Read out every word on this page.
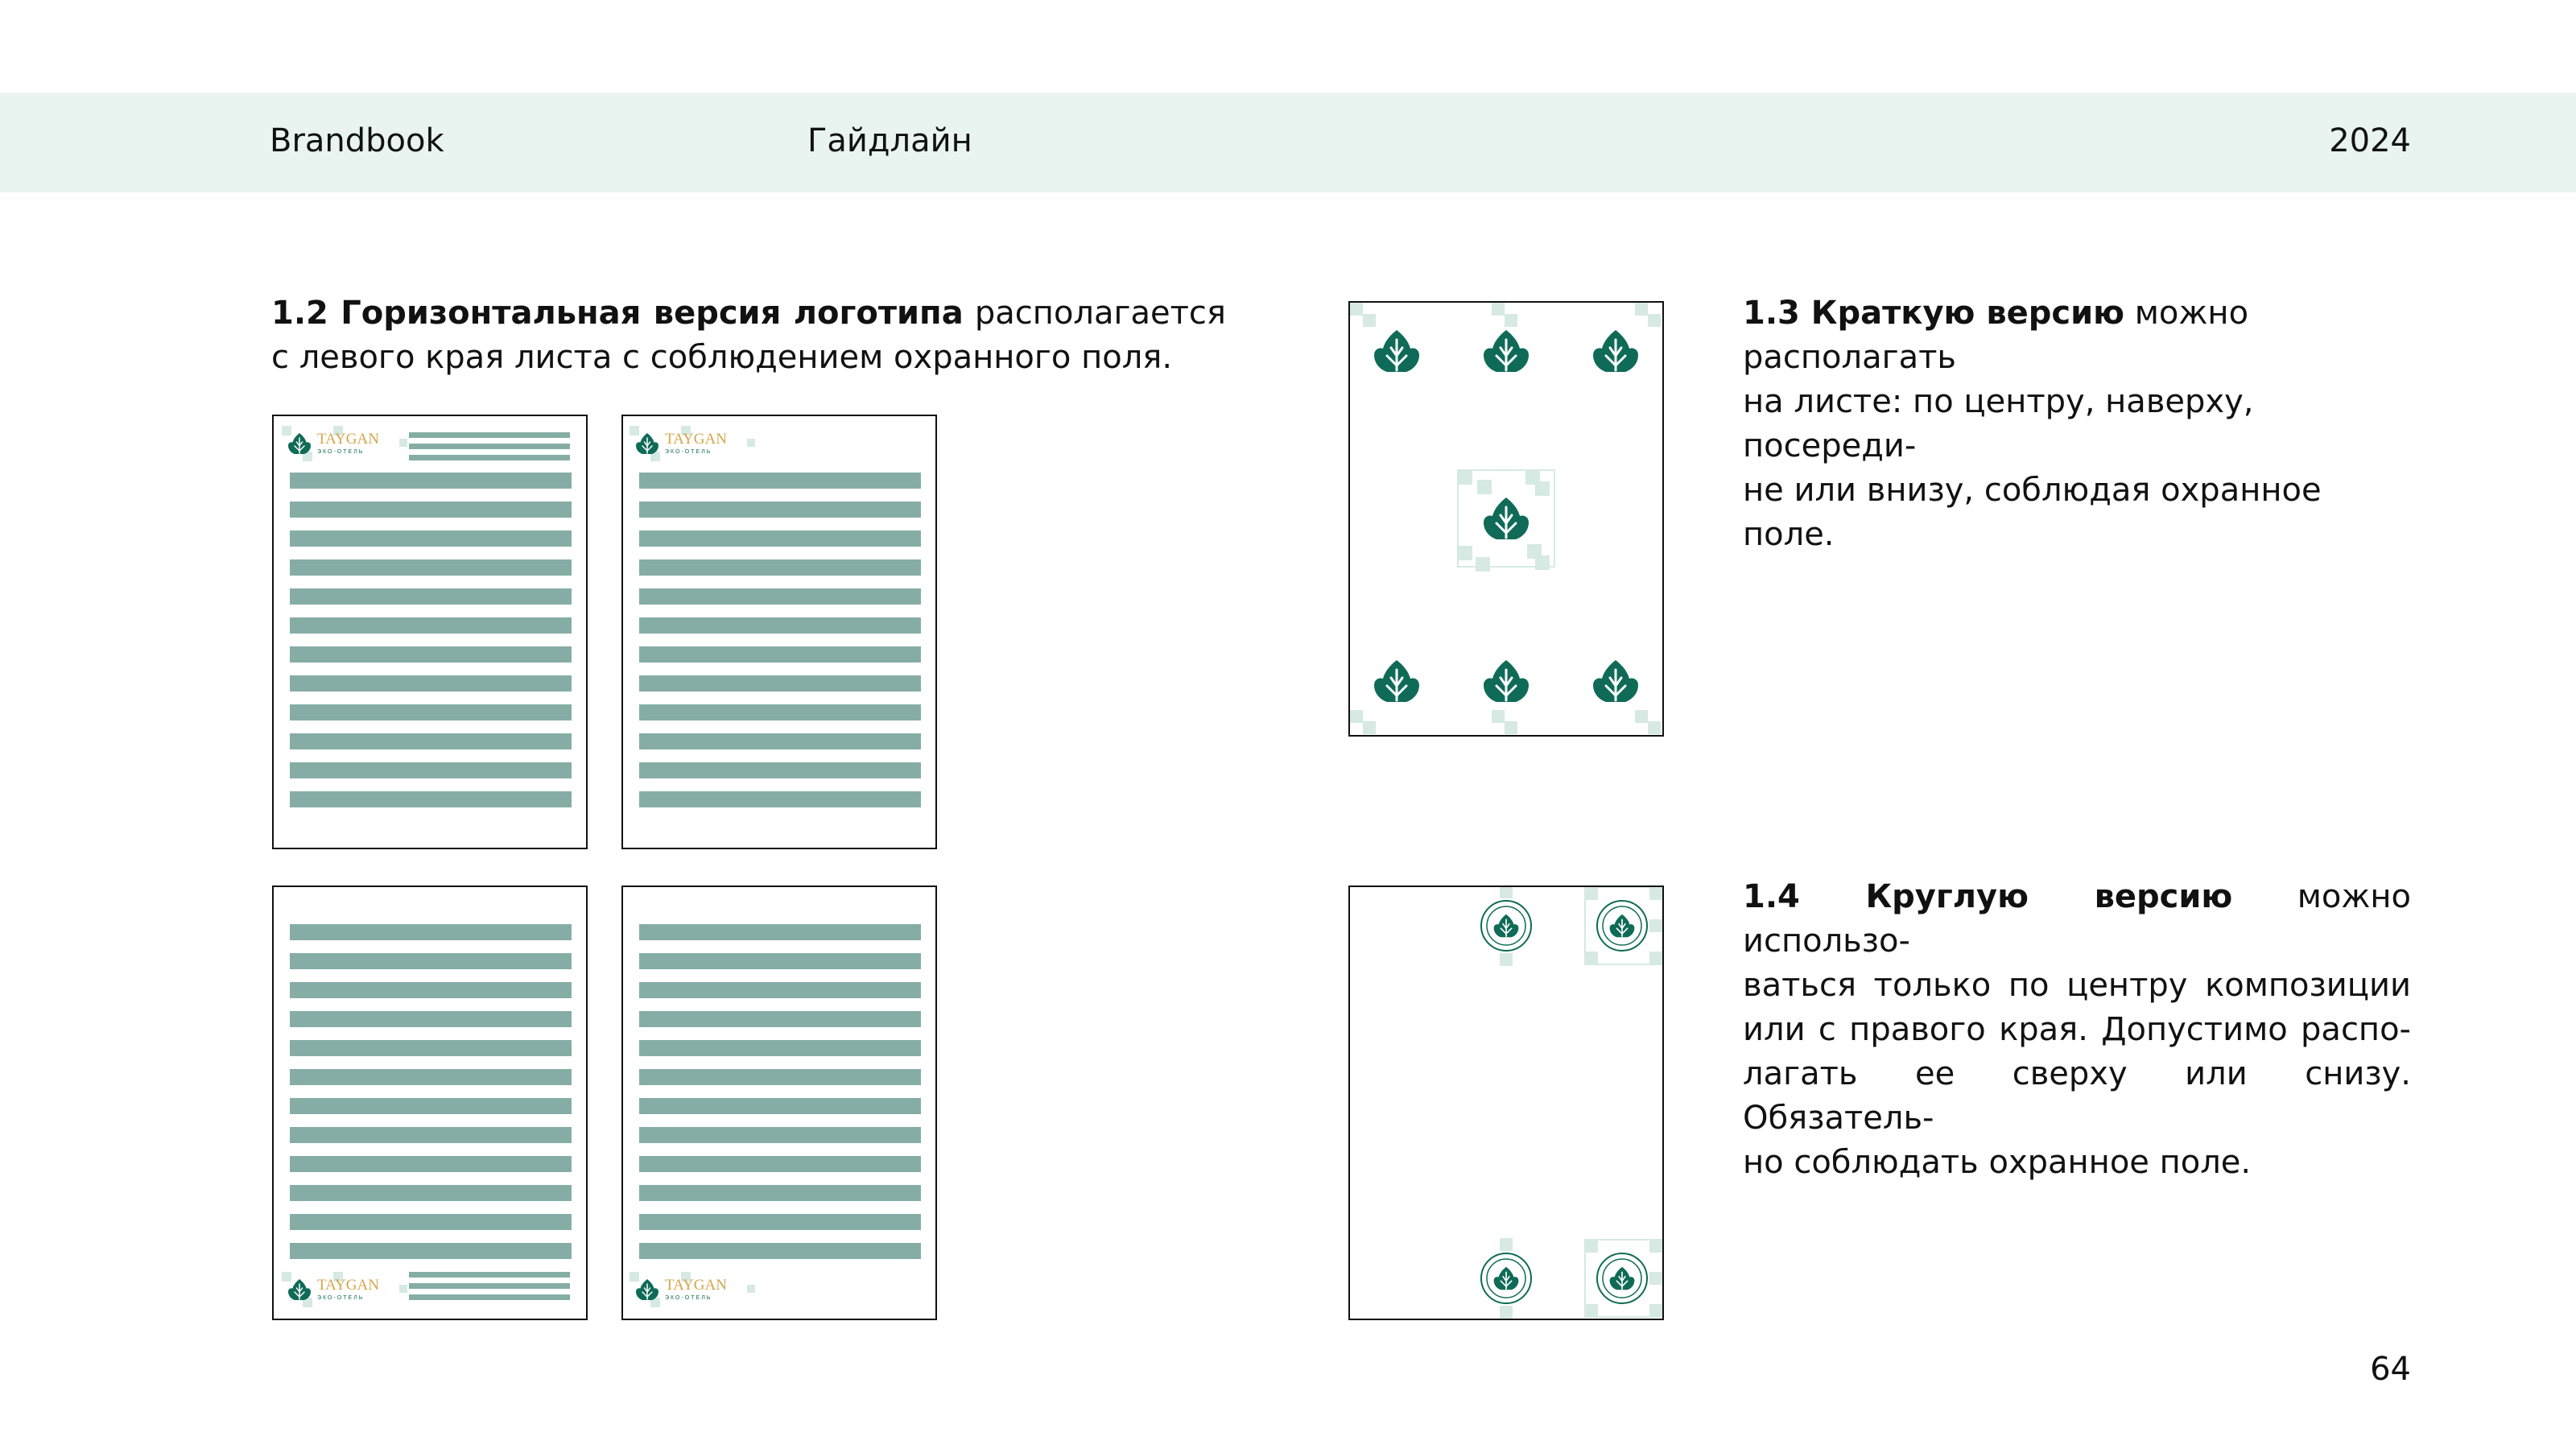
Brandbook	Гайдлайн	2024
1.2 Горизонтальная версия логотипа располагается
с левого края листа с соблюдением охранного поля.
1.3 Краткую версию можно располагать
на листе: по центру, наверху, посереди-
не или внизу, соблюдая охранное поле.
1.4 Круглую версию можно использо-
ваться только по центру композиции
или с правого края. Допустимо распо-
лагать ее сверху или снизу. Обязатель-
но соблюдать охранное поле.
TAYGAN
ЭКО-ОТЕЛЬ
TAYGAN
ЭКО-ОТЕЛЬ
TAYGAN
ЭКО-ОТЕЛЬ
TAYGAN
ЭКО-ОТЕЛЬ
64
